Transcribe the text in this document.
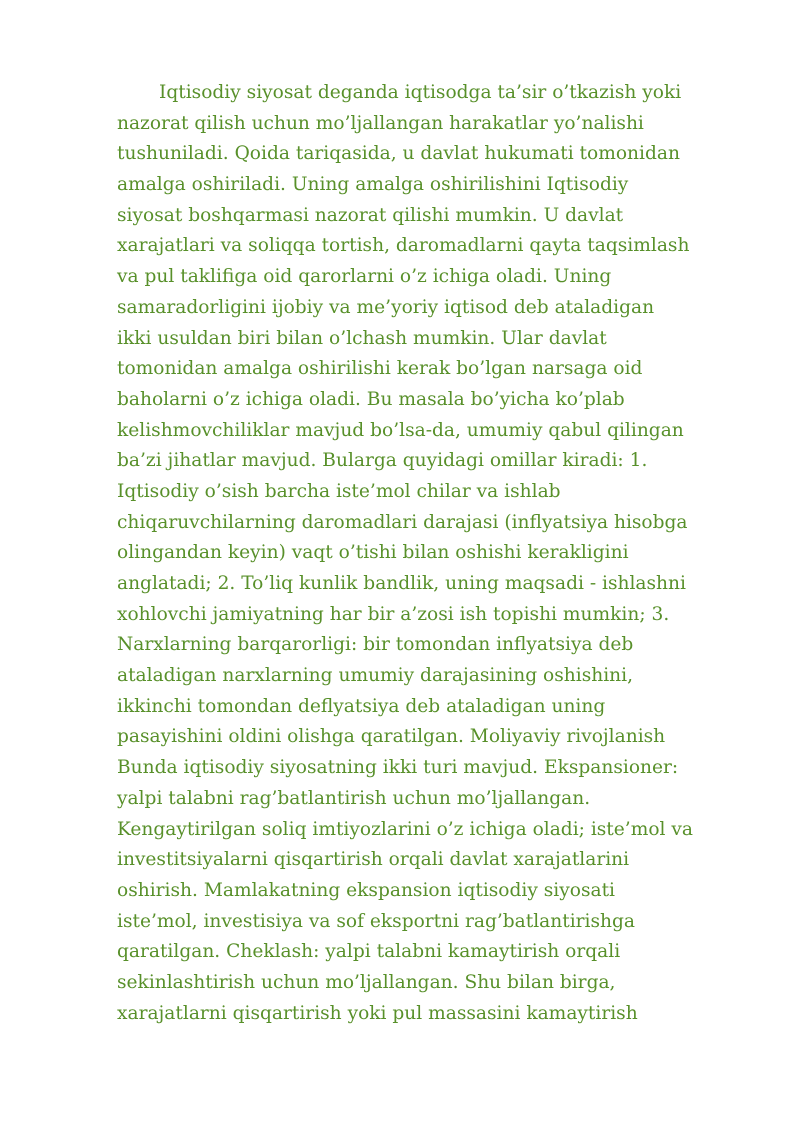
Iqtisodiy siyosat deganda iqtisodga ta’sir o’tkazish yoki
nazorat qilish uchun mo’ljallangan harakatlar yo’nalishi
tushuniladi. Qoida tariqasida, u davlat hukumati tomonidan
amalga oshiriladi. Uning amalga oshirilishini Iqtisodiy
siyosat boshqarmasi nazorat qilishi mumkin. U davlat
xarajatlari va soliqqa tortish, daromadlarni qayta taqsimlash
va pul taklifiga oid qarorlarni o’z ichiga oladi. Uning
samaradorligini ijobiy va me’yoriy iqtisod deb ataladigan
ikki usuldan biri bilan o’lchash mumkin. Ular davlat
tomonidan amalga oshirilishi kerak bo’lgan narsaga oid
baholarni o’z ichiga oladi. Bu masala bo’yicha ko’plab
kelishmovchiliklar mavjud bo’lsa-da, umumiy qabul qilingan
ba’zi jihatlar mavjud. Bularga quyidagi omillar kiradi: 1.
Iqtisodiy o’sish barcha iste’mol chilar va ishlab
chiqaruvchilarning daromadlari darajasi (inflyatsiya hisobga
olingandan keyin) vaqt o’tishi bilan oshishi kerakligini
anglatadi; 2. To’liq kunlik bandlik, uning maqsadi - ishlashni
xohlovchi jamiyatning har bir a’zosi ish topishi mumkin; 3.
Narxlarning barqarorligi: bir tomondan inflyatsiya deb
ataladigan narxlarning umumiy darajasining oshishini,
ikkinchi tomondan deflyatsiya deb ataladigan uning
pasayishini oldini olishga qaratilgan. Moliyaviy rivojlanish
Bunda iqtisodiy siyosatning ikki turi mavjud. Ekspansioner:
yalpi talabni rag’batlantirish uchun mo’ljallangan.
Kengaytirilgan soliq imtiyozlarini o’z ichiga oladi; iste’mol va
investitsiyalarni qisqartirish orqali davlat xarajatlarini
oshirish. Mamlakatning ekspansion iqtisodiy siyosati
iste’mol, investisiya va sof eksportni rag’batlantirishga
qaratilgan. Cheklash: yalpi talabni kamaytirish orqali
sekinlashtirish uchun mo’ljallangan. Shu bilan birga,
xarajatlarni qisqartirish yoki pul massasini kamaytirish
